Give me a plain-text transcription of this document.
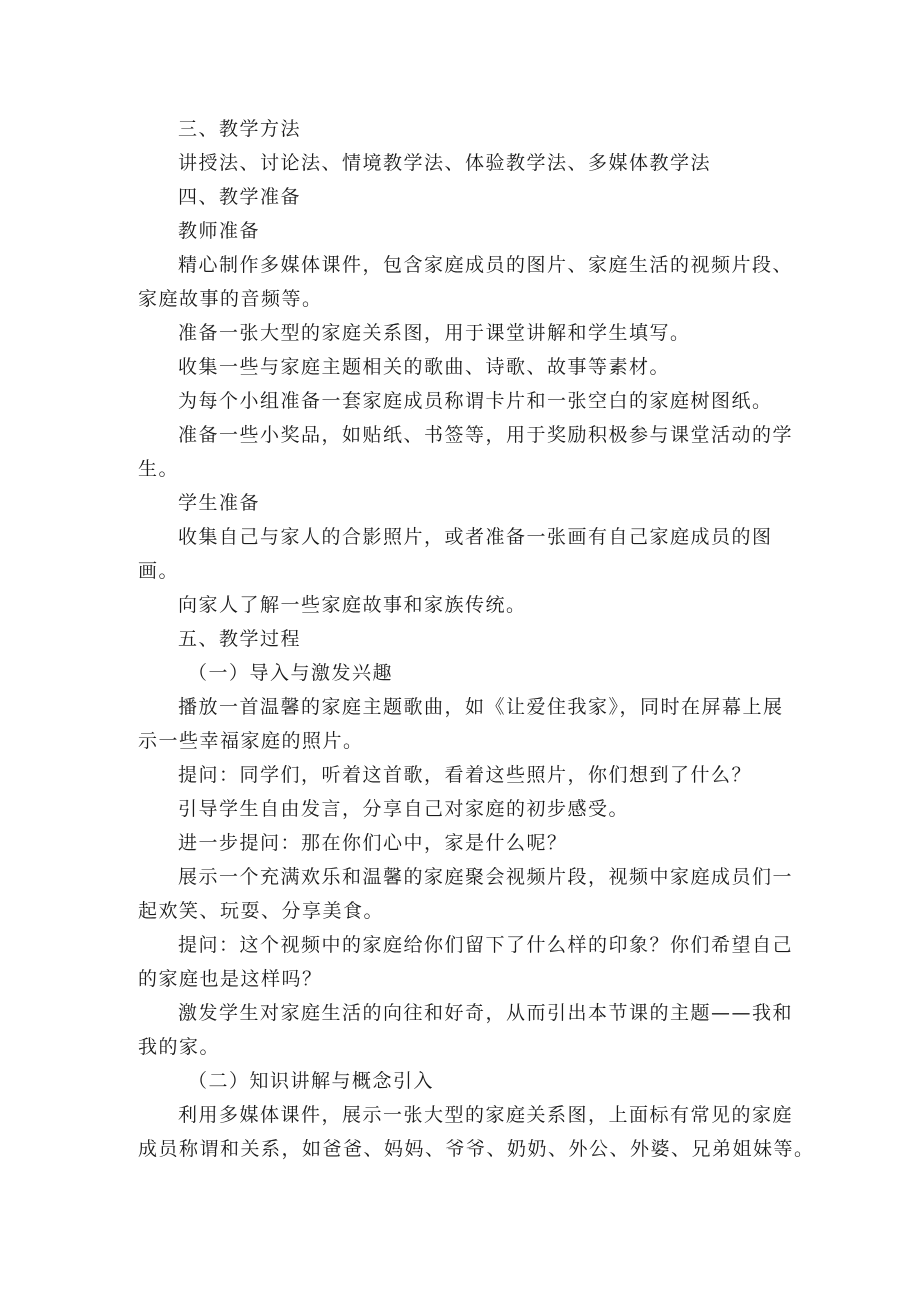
三、教学方法

讲授法、讨论法、情境教学法、体验教学法、多媒体教学法

四、教学准备

教师准备

精心制作多媒体课件，包含家庭成员的图片、家庭生活的视频片段、

家庭故事的音频等。

准备一张大型的家庭关系图，用于课堂讲解和学生填写。

收集一些与家庭主题相关的歌曲、诗歌、故事等素材。

为每个小组准备一套家庭成员称谓卡片和一张空白的家庭树图纸。

准备一些小奖品，如贴纸、书签等，用于奖励积极参与课堂活动的学

生。

学生准备

收集自己与家人的合影照片，或者准备一张画有自己家庭成员的图

画。

向家人了解一些家庭故事和家族传统。

五、教学过程

（一）导入与激发兴趣

播放一首温馨的家庭主题歌曲，如《让爱住我家》，同时在屏幕上展

示一些幸福家庭的照片。

提问：同学们，听着这首歌，看着这些照片，你们想到了什么？

引导学生自由发言，分享自己对家庭的初步感受。

进一步提问：那在你们心中，家是什么呢？

展示一个充满欢乐和温馨的家庭聚会视频片段，视频中家庭成员们一

起欢笑、玩耍、分享美食。

提问：这个视频中的家庭给你们留下了什么样的印象？你们希望自己

的家庭也是这样吗？

激发学生对家庭生活的向往和好奇，从而引出本节课的主题——我和

我的家。

（二）知识讲解与概念引入

利用多媒体课件，展示一张大型的家庭关系图，上面标有常见的家庭

成员称谓和关系，如爸爸、妈妈、爷爷、奶奶、外公、外婆、兄弟姐妹等。
